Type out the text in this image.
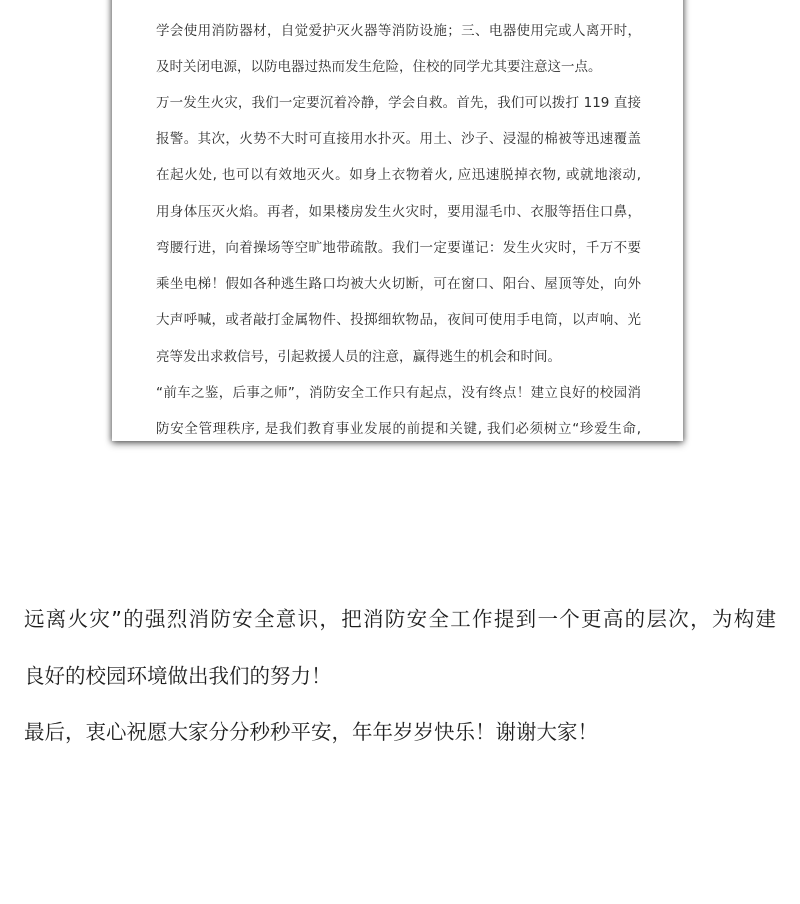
学会使用消防器材，自觉爱护灭火器等消防设施；三、电器使用完或人离开时，

及时关闭电源，以防电器过热而发生危险，住校的同学尤其要注意这一点。

万一发生火灾，我们一定要沉着冷静，学会自救。首先，我们可以拨打 119 直接

报警。其次，火势不大时可直接用水扑灭。用土、沙子、浸湿的棉被等迅速覆盖

在起火处, 也可以有效地灭火。如身上衣物着火, 应迅速脱掉衣物, 或就地滚动,

用身体压灭火焰。再者，如果楼房发生火灾时，要用湿毛巾、衣服等捂住口鼻，

弯腰行进，向着操场等空旷地带疏散。我们一定要谨记：发生火灾时，千万不要

乘坐电梯！假如各种逃生路口均被大火切断，可在窗口、阳台、屋顶等处，向外

大声呼喊，或者敲打金属物件、投掷细软物品，夜间可使用手电筒，以声响、光

亮等发出求救信号，引起救援人员的注意，赢得逃生的机会和时间。

“前车之鉴，后事之师”，消防安全工作只有起点，没有终点！建立良好的校园消

防安全管理秩序, 是我们教育事业发展的前提和关键, 我们必须树立“珍爱生命,

远离火灾”的强烈消防安全意识，把消防安全工作提到一个更高的层次，为构建

良好的校园环境做出我们的努力！

最后，衷心祝愿大家分分秒秒平安，年年岁岁快乐！谢谢大家！
